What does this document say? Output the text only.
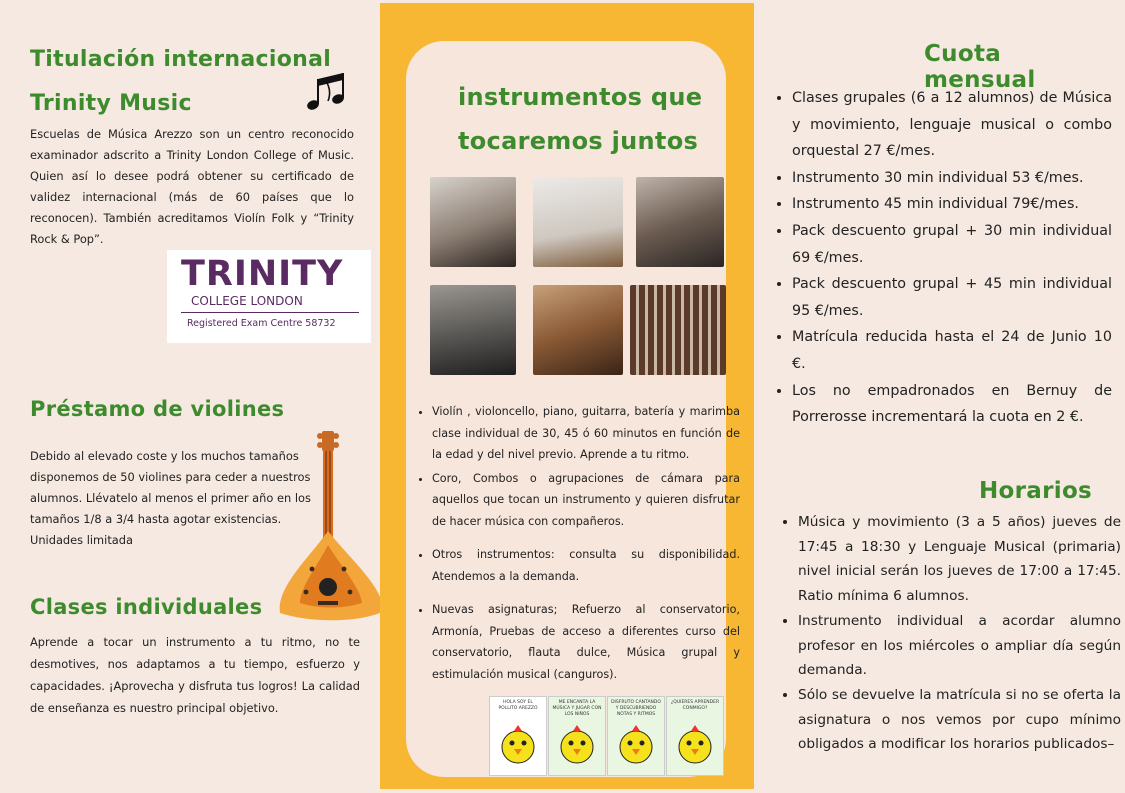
Titulación internacional
Trinity Music
Escuelas de Música Arezzo son un centro reconocido examinador adscrito a Trinity London College of Music. Quien así lo desee podrá obtener su certificado de validez internacional (más de 60 países que lo reconocen). También acreditamos Violín Folk y “Trinity Rock & Pop”.
TRINITY
COLLEGE LONDON
Registered Exam Centre 58732
Préstamo de violines
Debido al elevado coste y los muchos tamaños disponemos de 50 violines para ceder a nuestros alumnos. Llévatelo al menos el primer año en los tamaños 1/8 a 3/4 hasta agotar existencias. Unidades limitada
Clases individuales
Aprende a tocar un instrumento a tu ritmo, no te desmotives, nos adaptamos a tu tiempo, esfuerzo y capacidades. ¡Aprovecha y disfruta tus logros! La calidad de enseñanza es nuestro principal objetivo.
instrumentos que
tocaremos juntos
• Violín , violoncello, piano, guitarra, batería y marimba clase individual de 30, 45 ó 60 minutos en función de la edad y del nivel previo. Aprende a tu ritmo.
• Coro, Combos o agrupaciones de cámara para aquellos que tocan un instrumento y quieren disfrutar de hacer música con compañeros.
• Otros instrumentos: consulta su disponibilidad. Atendemos a la demanda.
• Nuevas asignaturas; Refuerzo al conservatorio, Armonía, Pruebas de acceso a diferentes curso del conservatorio, flauta dulce, Música grupal y estimulación musical (canguros).
HOLA SOY EL POLLITO AREZZO
ME ENCANTA LA MÚSICA Y JUGAR CON LOS NIÑOS
DISFRUTO CANTANDO Y DESCUBRIENDO NOTAS Y RITMOS
¿QUIERES APRENDER CONMIGO?
Cuota mensual
• Clases grupales (6 a 12 alumnos) de Música y movimiento, lenguaje musical o combo orquestal 27 €/mes.
• Instrumento 30 min individual 53 €/mes.
• Instrumento 45 min individual 79€/mes.
• Pack descuento grupal + 30 min individual 69 €/mes.
• Pack descuento grupal + 45 min individual 95 €/mes.
• Matrícula reducida hasta el 24 de Junio 10 €.
• Los no empadronados en Bernuy de Porrerosse incrementará la cuota en 2 €.
Horarios
• Música y movimiento (3 a 5 años) jueves de 17:45 a 18:30 y Lenguaje Musical (primaria) nivel inicial serán los jueves de 17:00 a 17:45. Ratio mínima 6 alumnos.
• Instrumento individual a acordar alumno profesor en los miércoles o ampliar día según demanda.
• Sólo se devuelve la matrícula si no se oferta la asignatura o nos vemos por cupo mínimo obligados a modificar los horarios publicados–
